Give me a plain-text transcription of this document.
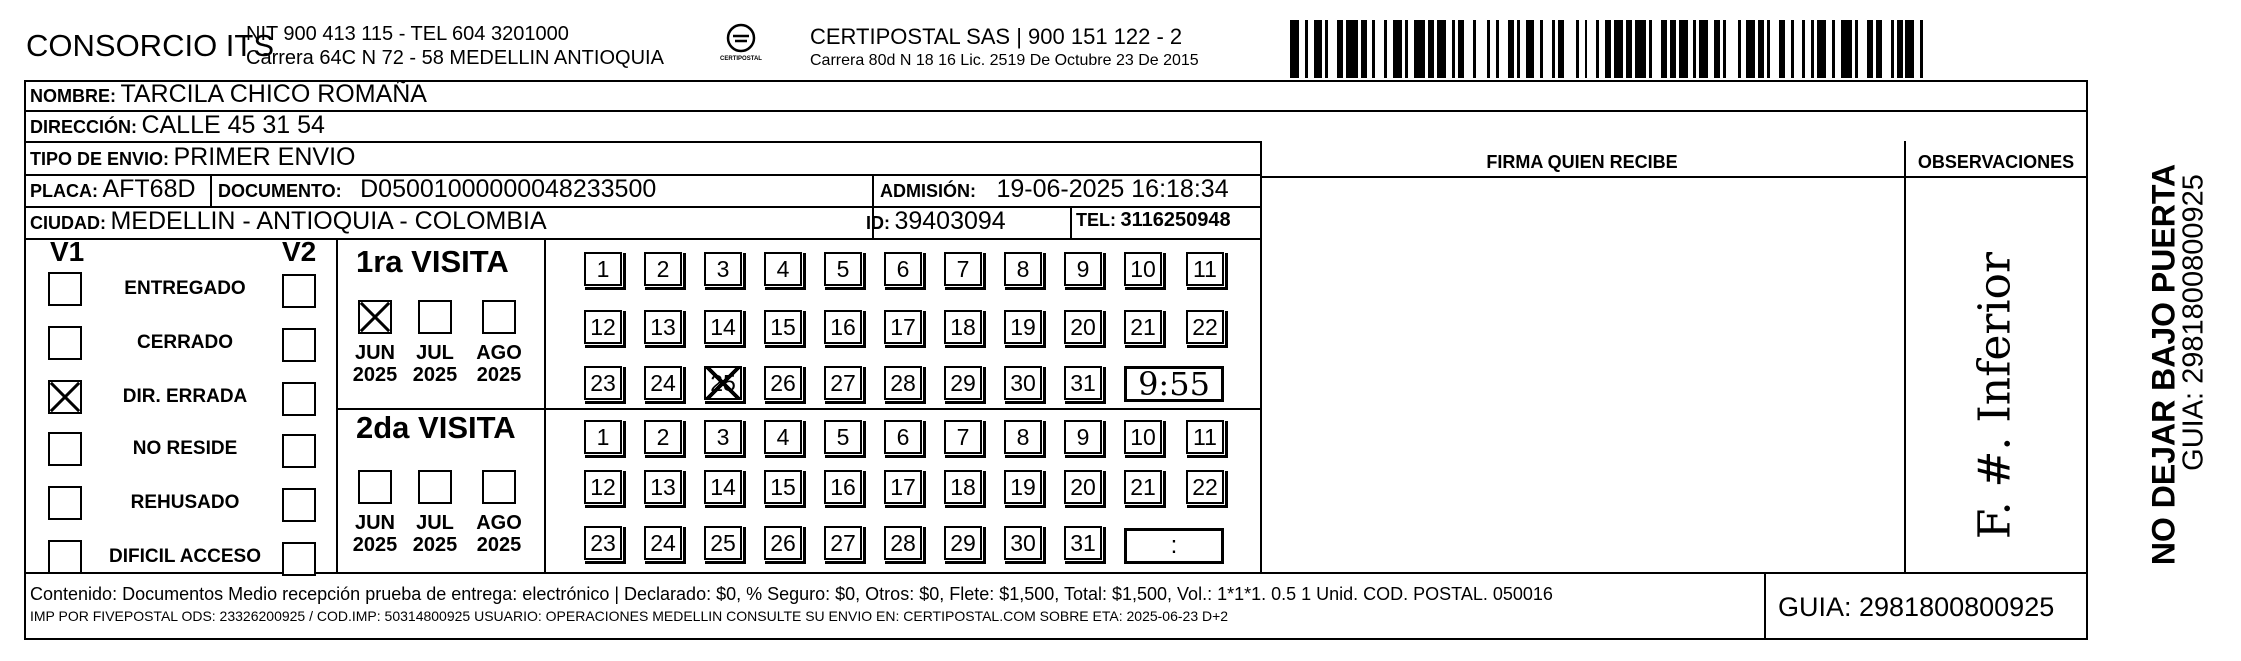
CONSORCIO ITS
NIT 900 413 115 - TEL 604 3201000
Carrera 64C N 72 - 58 MEDELLIN ANTIOQUIA	CERTIPOSTAL
CERTIPOSTAL SAS | 900 151 122 - 2
Carrera 80d N 18 16 Lic. 2519 De Octubre 23 De 2015
NOMBRE: TARCILA CHICO ROMAÑA
DIRECCIÓN: CALLE 45 31 54
TIPO DE ENVIO: PRIMER ENVIO
PLACA: AFT68D DOCUMENTO: D05001000000048233500	ADMISIÓN: 19-06-2025 16:18:34
CIUDAD: MEDELLIN - ANTIOQUIA - COLOMBIA	ID: 39403094	TEL: 3116250948
FIRMA QUIEN RECIBE	OBSERVACIONES
F. #. Inferior
V1	V2
ENTREGADO
CERRADO
DIR. ERRADA
NO RESIDE
REHUSADO
DIFICIL ACCESO
1ra VISITA
2da VISITA
JUN
2025
JUL
2025
AGO
2025
JUN
2025
JUL
2025
AGO
2025
1	2	3	4	5	6	7	8	9	10	11
12 13 14 15 16 17 18 19 20 21 22
23 24 25 26 27 28 29 30 31	9:55
1	2	3	4	5	6	7	8	9	10	11
12 13 14 15 16 17 18 19 20 21 22
23 24 25 26 27 28 29 30 31	:
Contenido: Documentos Medio recepción prueba de entrega: electrónico | Declarado: $0, % Seguro: $0, Otros: $0, Flete: $1,500, Total: $1,500, Vol.: 1*1*1. 0.5 1 Unid. COD. POSTAL. 050016
IMP POR FIVEPOSTAL ODS: 23326200925 / COD.IMP: 50314800925 USUARIO: OPERACIONES MEDELLIN CONSULTE SU ENVIO EN: CERTIPOSTAL.COM SOBRE ETA: 2025-06-23 D+2	GUIA: 2981800800925
NO DEJAR BAJO PUERTA
GUIA: 2981800800925
